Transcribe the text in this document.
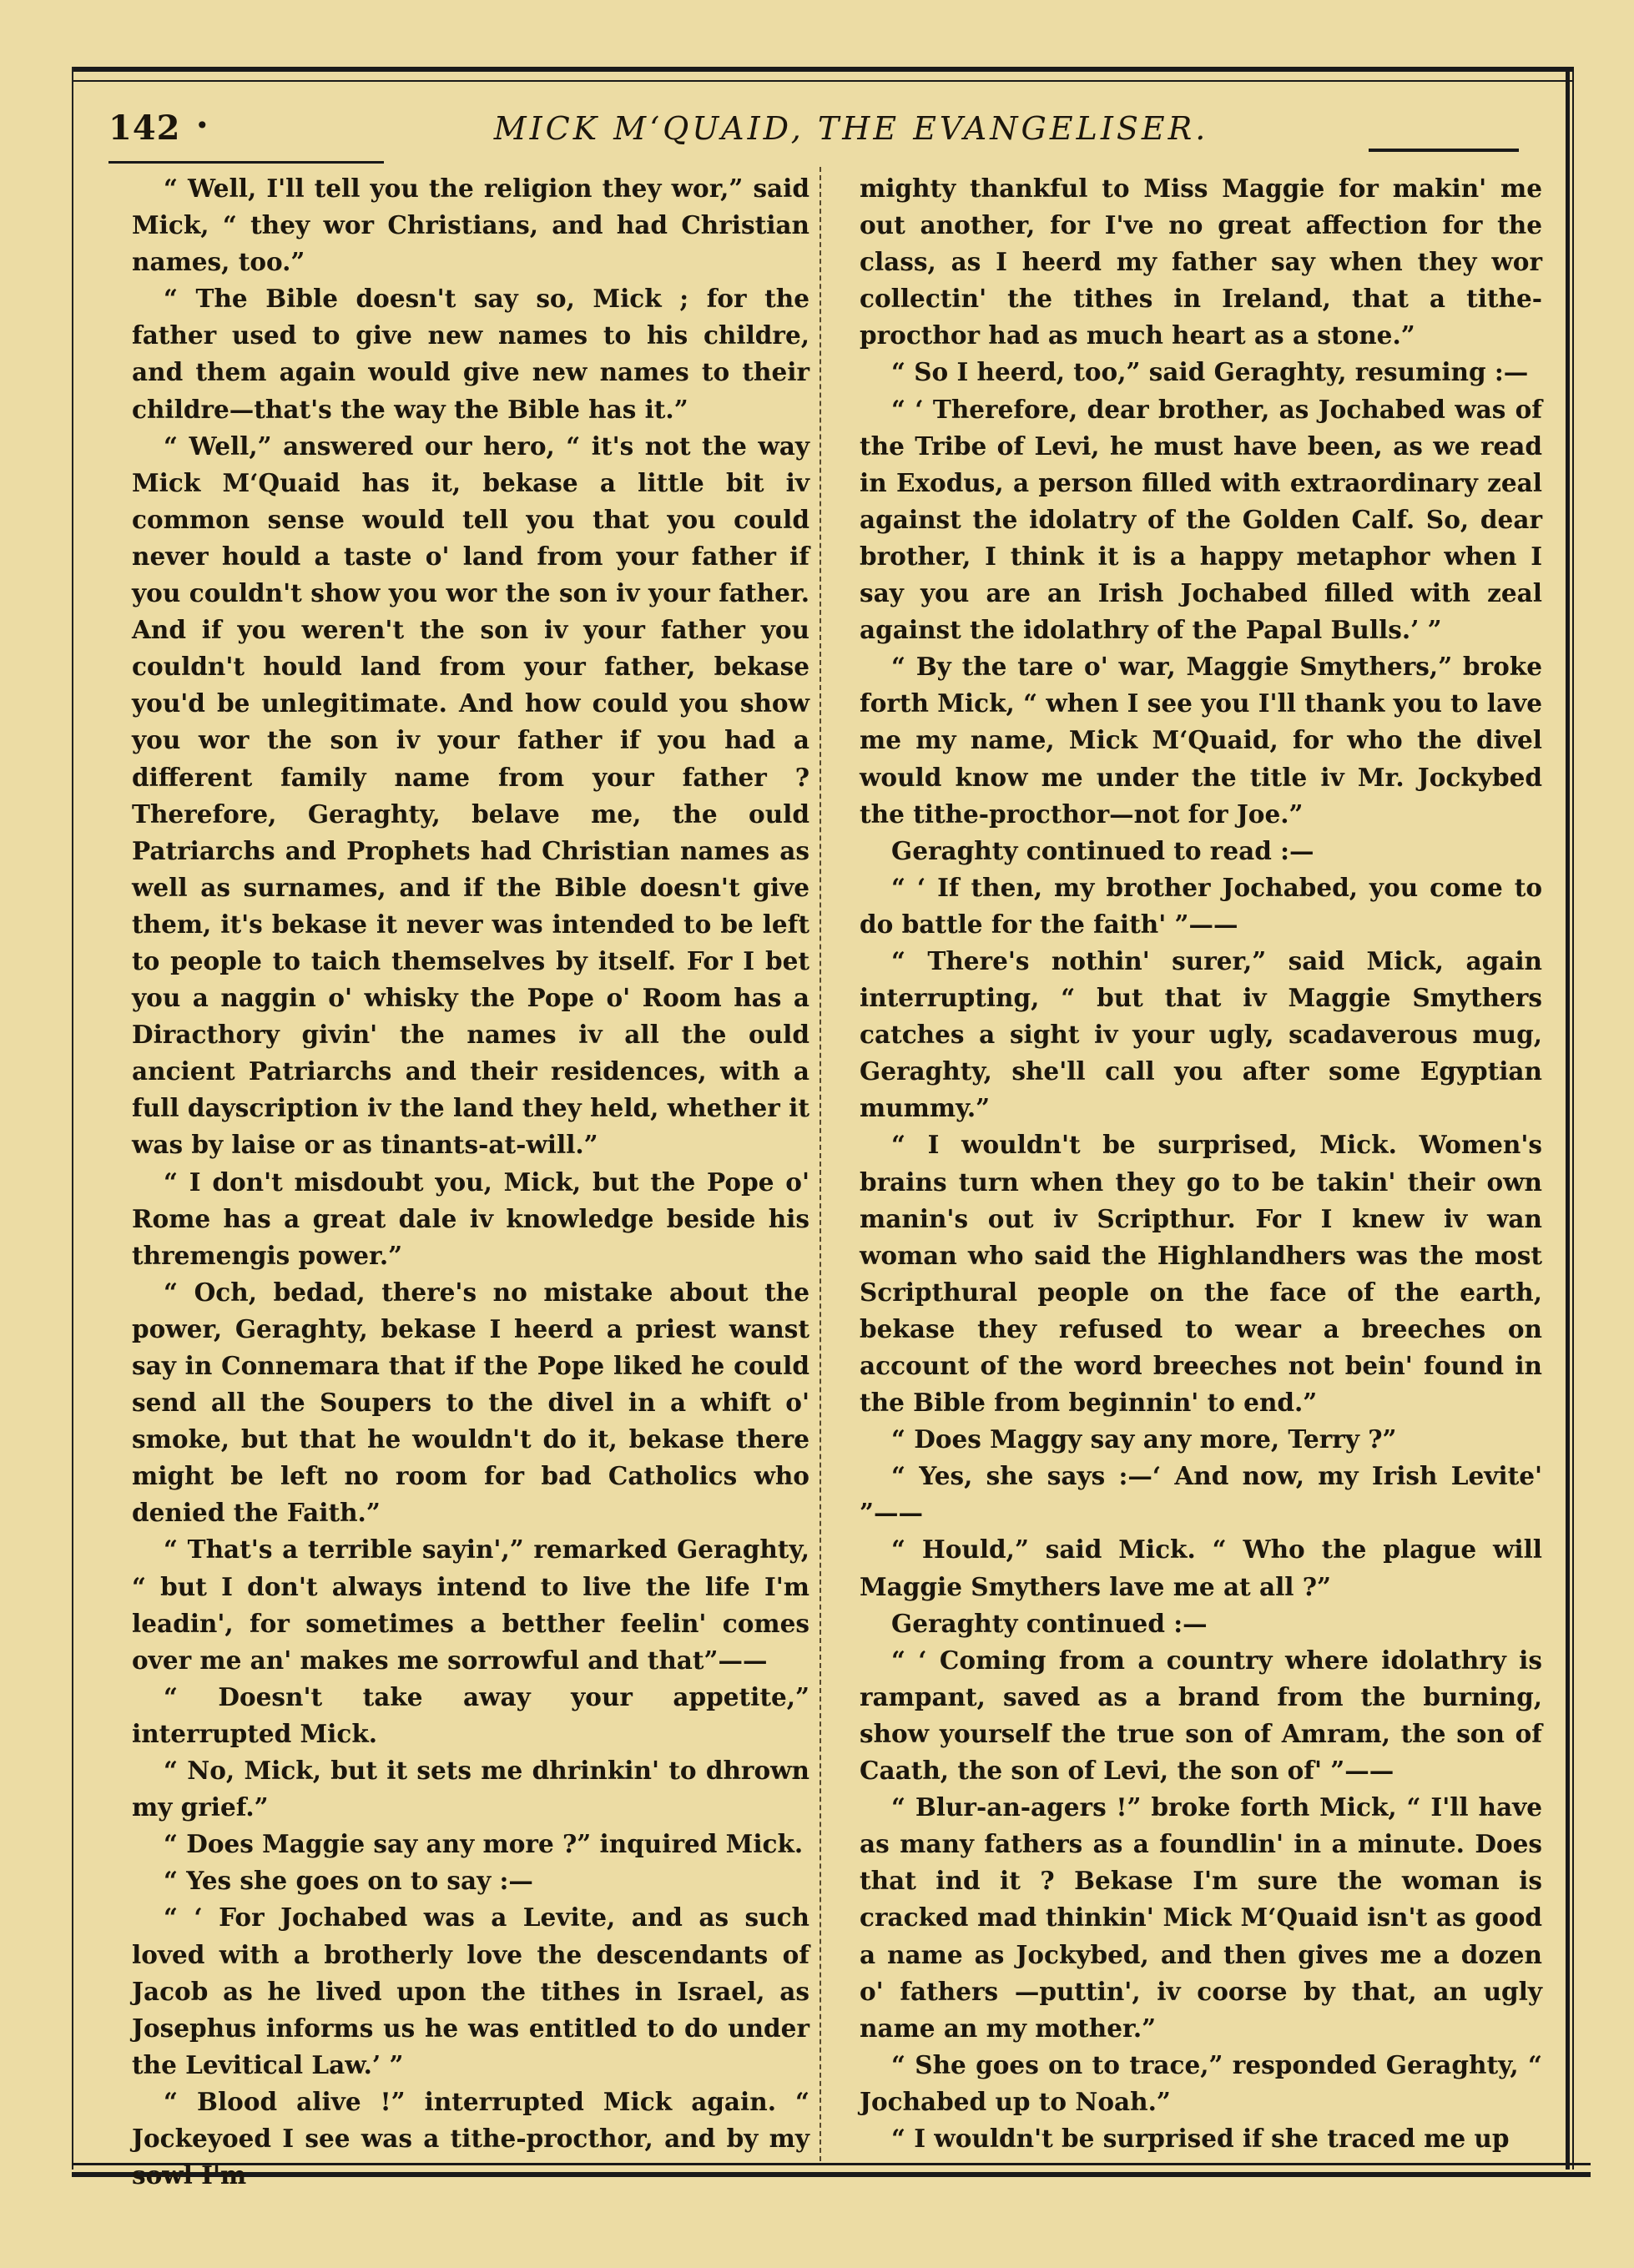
142 •	MICK M‘QUAID, THE EVANGELISER.

“ Well, I'll tell you the religion they wor,” said Mick, “ they wor Christians, and had Christian names, too.”

“ The Bible doesn't say so, Mick ; for the father used to give new names to his childre, and them again would give new names to their childre—that's the way the Bible has it.”

“ Well,” answered our hero, “ it's not the way Mick M‘Quaid has it, bekase a little bit iv common sense would tell you that you could never hould a taste o' land from your father if you couldn't show you wor the son iv your father. And if you weren't the son iv your father you couldn't hould land from your father, bekase you'd be unlegitimate. And how could you show you wor the son iv your father if you had a different family name from your father ? Therefore, Geraghty, belave me, the ould Patriarchs and Prophets had Christian names as well as surnames, and if the Bible doesn't give them, it's bekase it never was intended to be left to people to taich themselves by itself. For I bet you a naggin o' whisky the Pope o' Room has a Diracthory givin' the names iv all the ould ancient Patriarchs and their residences, with a full dayscription iv the land they held, whether it was by laise or as tinants-at-will.”

“ I don't misdoubt you, Mick, but the Pope o' Rome has a great dale iv knowledge beside his thremengis power.”

“ Och, bedad, there's no mistake about the power, Geraghty, bekase I heerd a priest wanst say in Connemara that if the Pope liked he could send all the Soupers to the divel in a whift o' smoke, but that he wouldn't do it, bekase there might be left no room for bad Catholics who denied the Faith.”

“ That's a terrible sayin',” remarked Geraghty, “ but I don't always intend to live the life I'm leadin', for sometimes a betther feelin' comes over me an' makes me sorrowful and that”——

“ Doesn't take away your appetite,” interrupted Mick.

“ No, Mick, but it sets me dhrinkin' to dhrown my grief.”

“ Does Maggie say any more ?” inquired Mick.

“ Yes she goes on to say :—

“ ‘ For Jochabed was a Levite, and as such loved with a brotherly love the descendants of Jacob as he lived upon the tithes in Israel, as Josephus informs us he was entitled to do under the Levitical Law.’ ”

“ Blood alive !” interrupted Mick again. “ Jockeyoed I see was a tithe-procthor, and by my sowl I'm

mighty thankful to Miss Maggie for makin' me out another, for I've no great affection for the class, as I heerd my father say when they wor collectin' the tithes in Ireland, that a tithe-procthor had as much heart as a stone.”

“ So I heerd, too,” said Geraghty, resuming :—

“ ‘ Therefore, dear brother, as Jochabed was of the Tribe of Levi, he must have been, as we read in Exodus, a person filled with extraordinary zeal against the idolatry of the Golden Calf. So, dear brother, I think it is a happy metaphor when I say you are an Irish Jochabed filled with zeal against the idolathry of the Papal Bulls.’ ”

“ By the tare o' war, Maggie Smythers,” broke forth Mick, “ when I see you I'll thank you to lave me my name, Mick M‘Quaid, for who the divel would know me under the title iv Mr. Jockybed the tithe-procthor—not for Joe.”

Geraghty continued to read :—

“ ‘ If then, my brother Jochabed, you come to do battle for the faith' ”——

“ There's nothin' surer,” said Mick, again interrupting, “ but that iv Maggie Smythers catches a sight iv your ugly, scadaverous mug, Geraghty, she'll call you after some Egyptian mummy.”

“ I wouldn't be surprised, Mick. Women's brains turn when they go to be takin' their own manin's out iv Scripthur. For I knew iv wan woman who said the Highlandhers was the most Scripthural people on the face of the earth, bekase they refused to wear a breeches on account of the word breeches not bein' found in the Bible from beginnin' to end.”

“ Does Maggy say any more, Terry ?”

“ Yes, she says :—‘ And now, my Irish Levite' ”——

“ Hould,” said Mick. “ Who the plague will Maggie Smythers lave me at all ?”

Geraghty continued :—

“ ‘ Coming from a country where idolathry is rampant, saved as a brand from the burning, show yourself the true son of Amram, the son of Caath, the son of Levi, the son of' ”——

“ Blur-an-agers !” broke forth Mick, “ I'll have as many fathers as a foundlin' in a minute. Does that ind it ? Bekase I'm sure the woman is cracked mad thinkin' Mick M‘Quaid isn't as good a name as Jockybed, and then gives me a dozen o' fathers —puttin', iv coorse by that, an ugly name an my mother.”

“ She goes on to trace,” responded Geraghty, “ Jochabed up to Noah.”

“ I wouldn't be surprised if she traced me up
